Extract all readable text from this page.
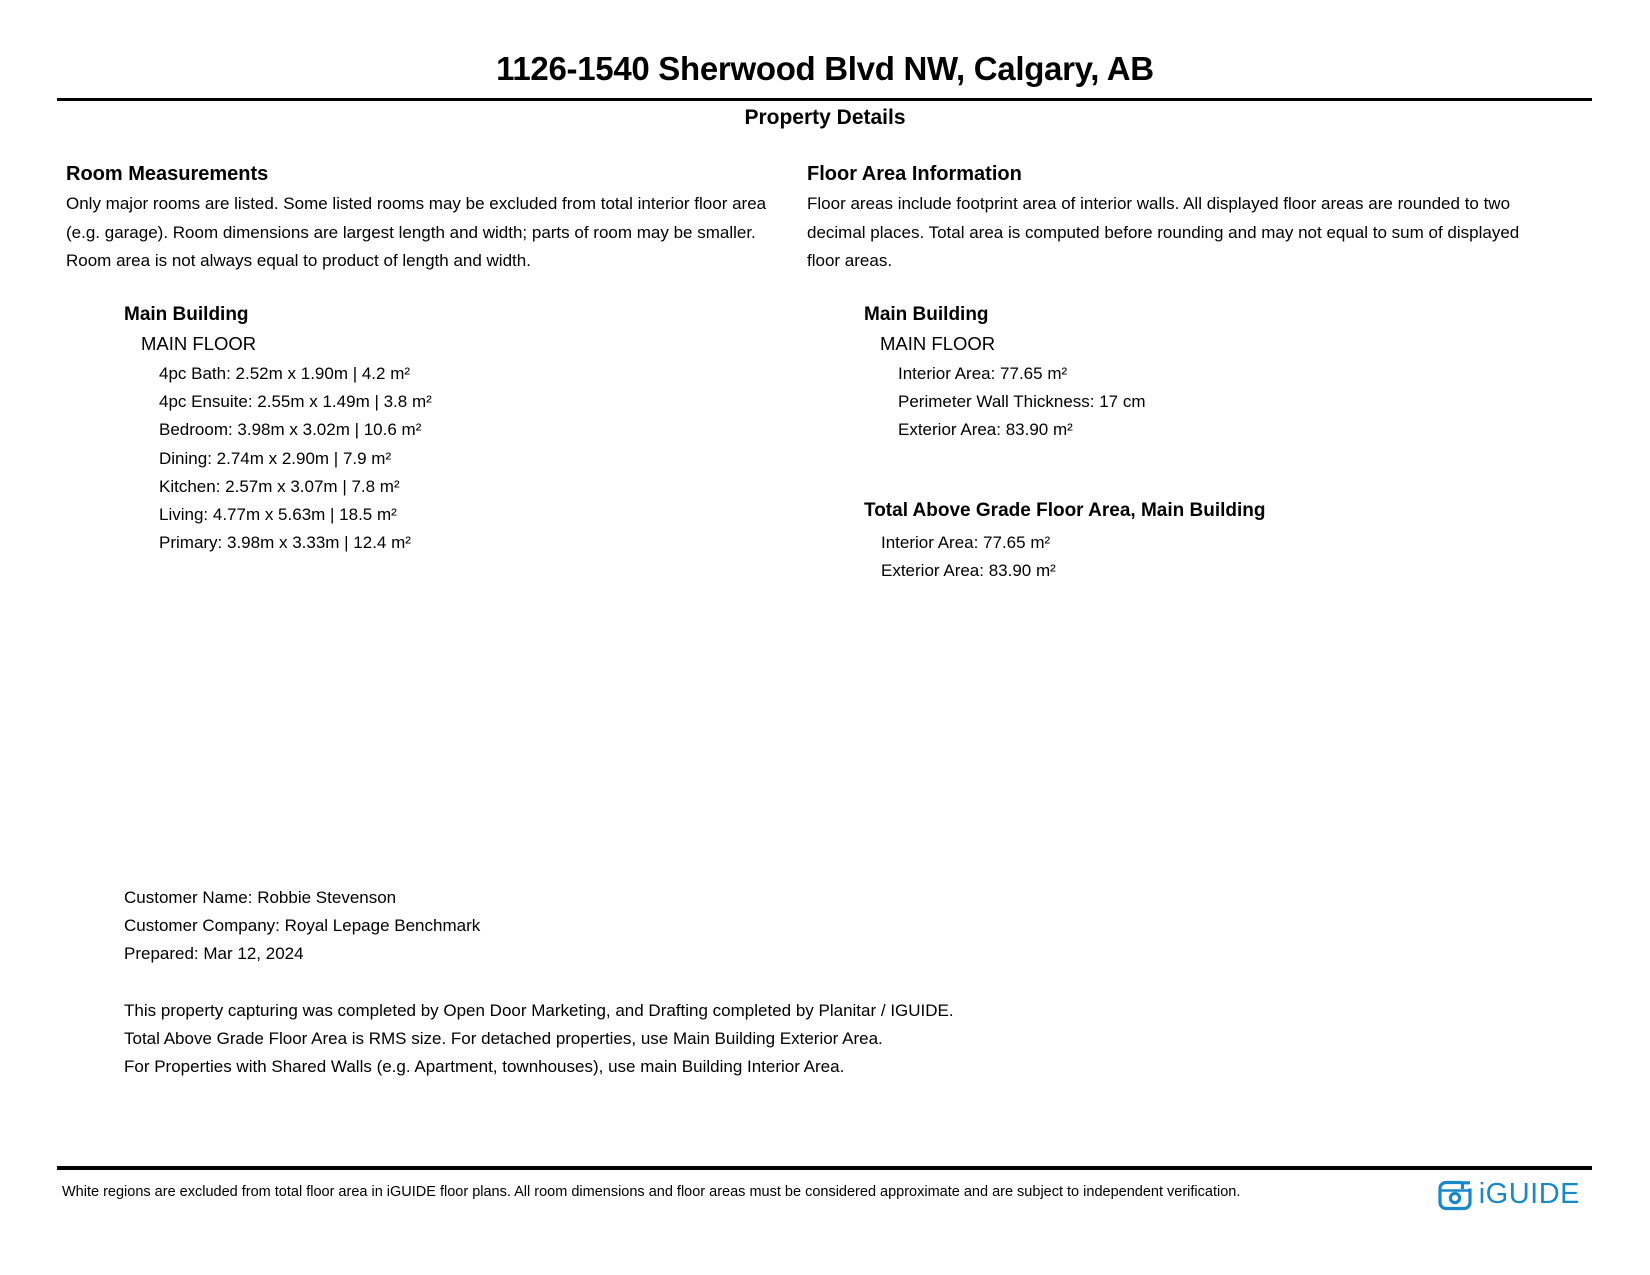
1126-1540 Sherwood Blvd NW, Calgary, AB
Property Details
Room Measurements
Only major rooms are listed. Some listed rooms may be excluded from total interior floor area
(e.g. garage). Room dimensions are largest length and width; parts of room may be smaller.
Room area is not always equal to product of length and width.
Main Building
MAIN FLOOR
4pc Bath: 2.52m x 1.90m | 4.2 m²
4pc Ensuite: 2.55m x 1.49m | 3.8 m²
Bedroom: 3.98m x 3.02m | 10.6 m²
Dining: 2.74m x 2.90m | 7.9 m²
Kitchen: 2.57m x 3.07m | 7.8 m²
Living: 4.77m x 5.63m | 18.5 m²
Primary: 3.98m x 3.33m | 12.4 m²
Floor Area Information
Floor areas include footprint area of interior walls. All displayed floor areas are rounded to two
decimal places. Total area is computed before rounding and may not equal to sum of displayed
floor areas.
Main Building
MAIN FLOOR
Interior Area: 77.65 m²
Perimeter Wall Thickness: 17 cm
Exterior Area: 83.90 m²
Total Above Grade Floor Area, Main Building
Interior Area: 77.65 m²
Exterior Area: 83.90 m²
Customer Name: Robbie Stevenson
Customer Company: Royal Lepage Benchmark
Prepared: Mar 12, 2024
This property capturing was completed by Open Door Marketing, and Drafting completed by Planitar / IGUIDE.
Total Above Grade Floor Area is RMS size. For detached properties, use Main Building Exterior Area.
For Properties with Shared Walls (e.g. Apartment, townhouses), use main Building Interior Area.
White regions are excluded from total floor area in iGUIDE floor plans. All room dimensions and floor areas must be considered approximate and are subject to independent verification.	iGUIDE
